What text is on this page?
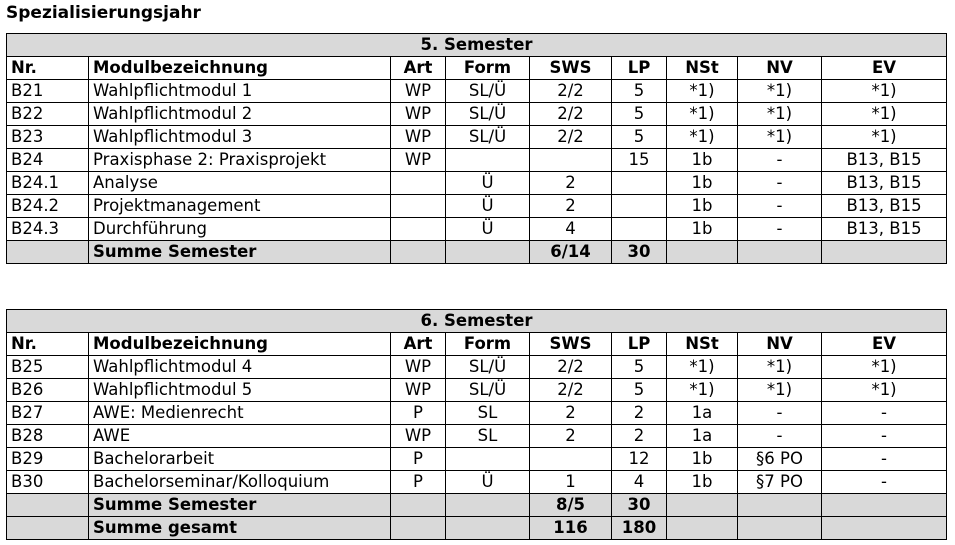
Spezialisierungsjahr
5. Semester								
Nr.	Modulbezeichnung	Art	Form	SWS	LP	NSt	NV	EV
B21	Wahlpflichtmodul 1	WP	SL/Ü	2/2	5	*1)	*1)	*1)
B22	Wahlpflichtmodul 2	WP	SL/Ü	2/2	5	*1)	*1)	*1)
B23	Wahlpflichtmodul 3	WP	SL/Ü	2/2	5	*1)	*1)	*1)
B24	Praxisphase 2: Praxisprojekt	WP			15	1b	-	B13, B15
B24.1	Analyse		Ü	2		1b	-	B13, B15
B24.2	Projektmanagement		Ü	2		1b	-	B13, B15
B24.3	Durchführung		Ü	4		1b	-	B13, B15
	Summe Semester			6/14	30			
6. Semester								
Nr.	Modulbezeichnung	Art	Form	SWS	LP	NSt	NV	EV
B25	Wahlpflichtmodul 4	WP	SL/Ü	2/2	5	*1)	*1)	*1)
B26	Wahlpflichtmodul 5	WP	SL/Ü	2/2	5	*1)	*1)	*1)
B27	AWE: Medienrecht	P	SL	2	2	1a	-	-
B28	AWE	WP	SL	2	2	1a	-	-
B29	Bachelorarbeit	P			12	1b	§6 PO	-
B30	Bachelorseminar/Kolloquium	P	Ü	1	4	1b	§7 PO	-
	Summe Semester			8/5	30			
	Summe gesamt			116	180			
